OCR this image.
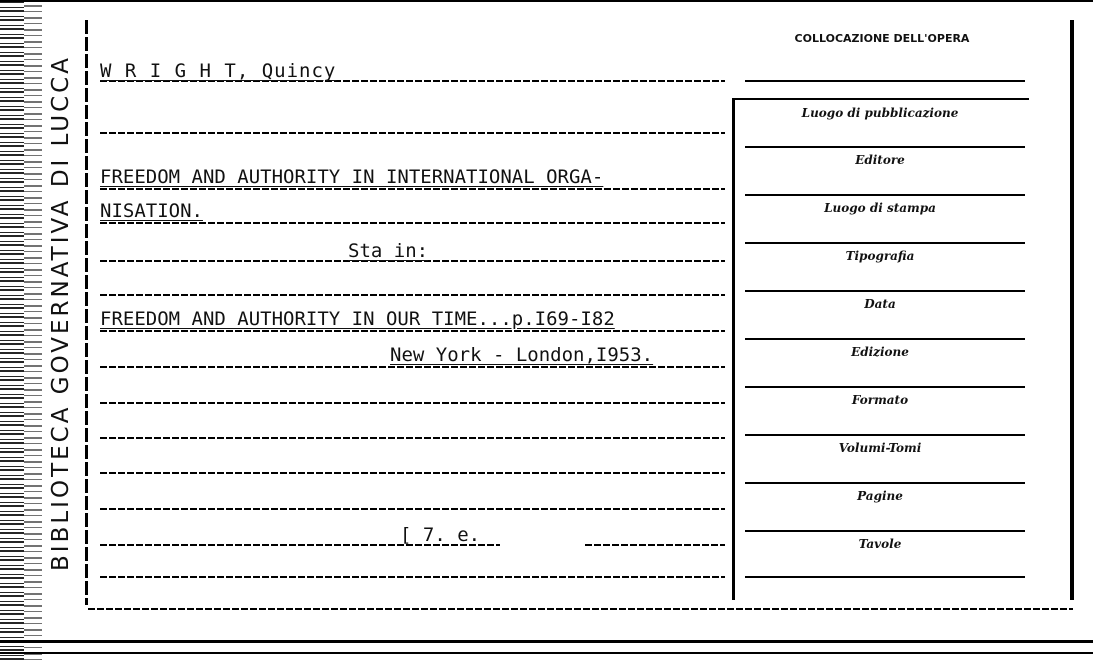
BIBLIOTECA GOVERNATIVA DI LUCCA W R I G H T, Quincy
FREEDOM AND AUTHORITY IN INTERNATIONAL ORGA-
NISATION.
Sta in:
FREEDOM AND AUTHORITY IN OUR TIME...p.I69-I82
New York - London,I953.
[ 7. e.
COLLOCAZIONE DELL'OPERA
Luogo di pubblicazione
Editore
Luogo di stampa
Tipografia
Data
Edizione
Formato
Volumi-Tomi
Pagine
Tavole
